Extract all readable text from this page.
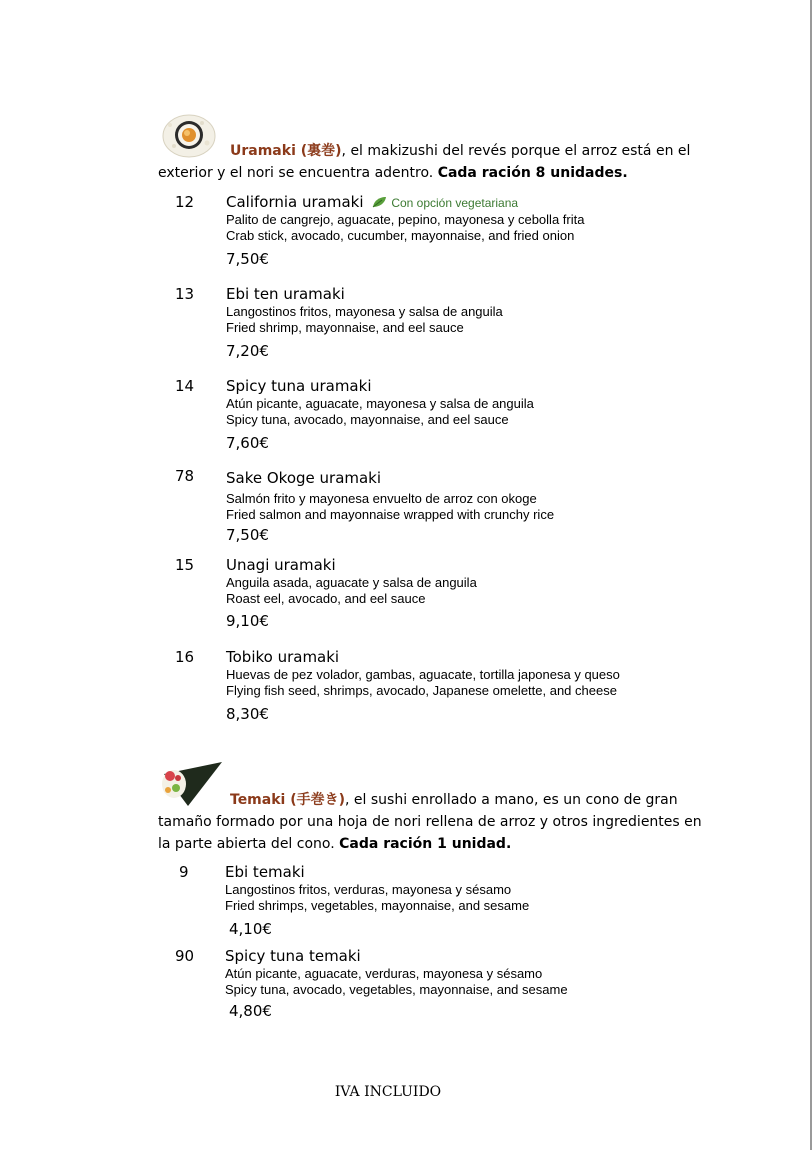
Uramaki (裏巻), el makizushi del revés porque el arroz está en el exterior y el nori se encuentra adentro. Cada ración 8 unidades.

12	California uramaki Con opción vegetariana
Palito de cangrejo, aguacate, pepino, mayonesa y cebolla frita
Crab stick, avocado, cucumber, mayonnaise, and fried onion
7,50€
13	Ebi ten uramaki
Langostinos fritos, mayonesa y salsa de anguila
Fried shrimp, mayonnaise, and eel sauce
7,20€
14	Spicy tuna uramaki
Atún picante, aguacate, mayonesa y salsa de anguila
Spicy tuna, avocado, mayonnaise, and eel sauce
7,60€
78	Sake Okoge uramaki
Salmón frito y mayonesa envuelto de arroz con okoge
Fried salmon and mayonnaise wrapped with crunchy rice
7,50€
15	Unagi uramaki
Anguila asada, aguacate y salsa de anguila
Roast eel, avocado, and eel sauce
9,10€
16	Tobiko uramaki
Huevas de pez volador, gambas, aguacate, tortilla japonesa y queso
Flying fish seed, shrimps, avocado, Japanese omelette, and cheese
8,30€

Temaki (手巻き), el sushi enrollado a mano, es un cono de gran tamaño formado por una hoja de nori rellena de arroz y otros ingredientes en la parte abierta del cono. Cada ración 1 unidad.

9	Ebi temaki
Langostinos fritos, verduras, mayonesa y sésamo
Fried shrimps, vegetables, mayonnaise, and sesame
4,10€
90	Spicy tuna temaki
Atún picante, aguacate, verduras, mayonesa y sésamo
Spicy tuna, avocado, vegetables, mayonnaise, and sesame
4,80€
IVA INCLUIDO
